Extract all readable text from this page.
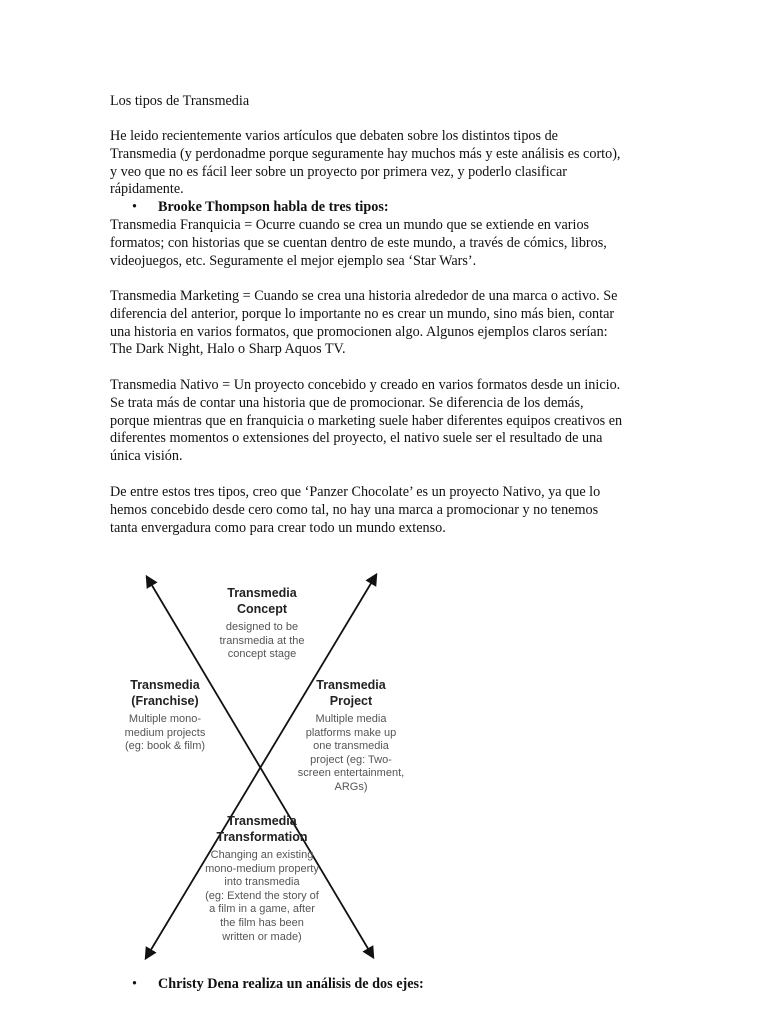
Los tipos de Transmedia

He leido recientemente varios artículos que debaten sobre los distintos tipos de
Transmedia (y perdonadme porque seguramente hay muchos más y este análisis es corto),
y veo que no es fácil leer sobre un proyecto por primera vez, y poderlo clasificar
rápidamente.

• Brooke Thompson habla de tres tipos:

Transmedia Franquicia = Ocurre cuando se crea un mundo que se extiende en varios
formatos; con historias que se cuentan dentro de este mundo, a través de cómics, libros,
videojuegos, etc. Seguramente el mejor ejemplo sea ‘Star Wars’.

Transmedia Marketing = Cuando se crea una historia alrededor de una marca o activo. Se
diferencia del anterior, porque lo importante no es crear un mundo, sino más bien, contar
una historia en varios formatos, que promocionen algo. Algunos ejemplos claros serían:
The Dark Night, Halo o Sharp Aquos TV.

Transmedia Nativo = Un proyecto concebido y creado en varios formatos desde un inicio.
Se trata más de contar una historia que de promocionar. Se diferencia de los demás,
porque mientras que en franquicia o marketing suele haber diferentes equipos creativos en
diferentes momentos o extensiones del proyecto, el nativo suele ser el resultado de una
única visión.

De entre estos tres tipos, creo que ‘Panzer Chocolate’ es un proyecto Nativo, ya que lo
hemos concebido desde cero como tal, no hay una marca a promocionar y no tenemos
tanta envergadura como para crear todo un mundo extenso.

Transmedia
Concept
designed to be
transmedia at the
concept stage
Transmedia
(Franchise)
Multiple mono-
medium projects
(eg: book & film)
Transmedia
Project
Multiple media
platforms make up
one transmedia
project (eg: Two-
screen entertainment,
ARGs)
Transmedia
Transformation
Changing an existing
mono-medium property
into transmedia
(eg: Extend the story of
a film in a game, after
the film has been
written or made)
• Christy Dena realiza un análisis de dos ejes:
